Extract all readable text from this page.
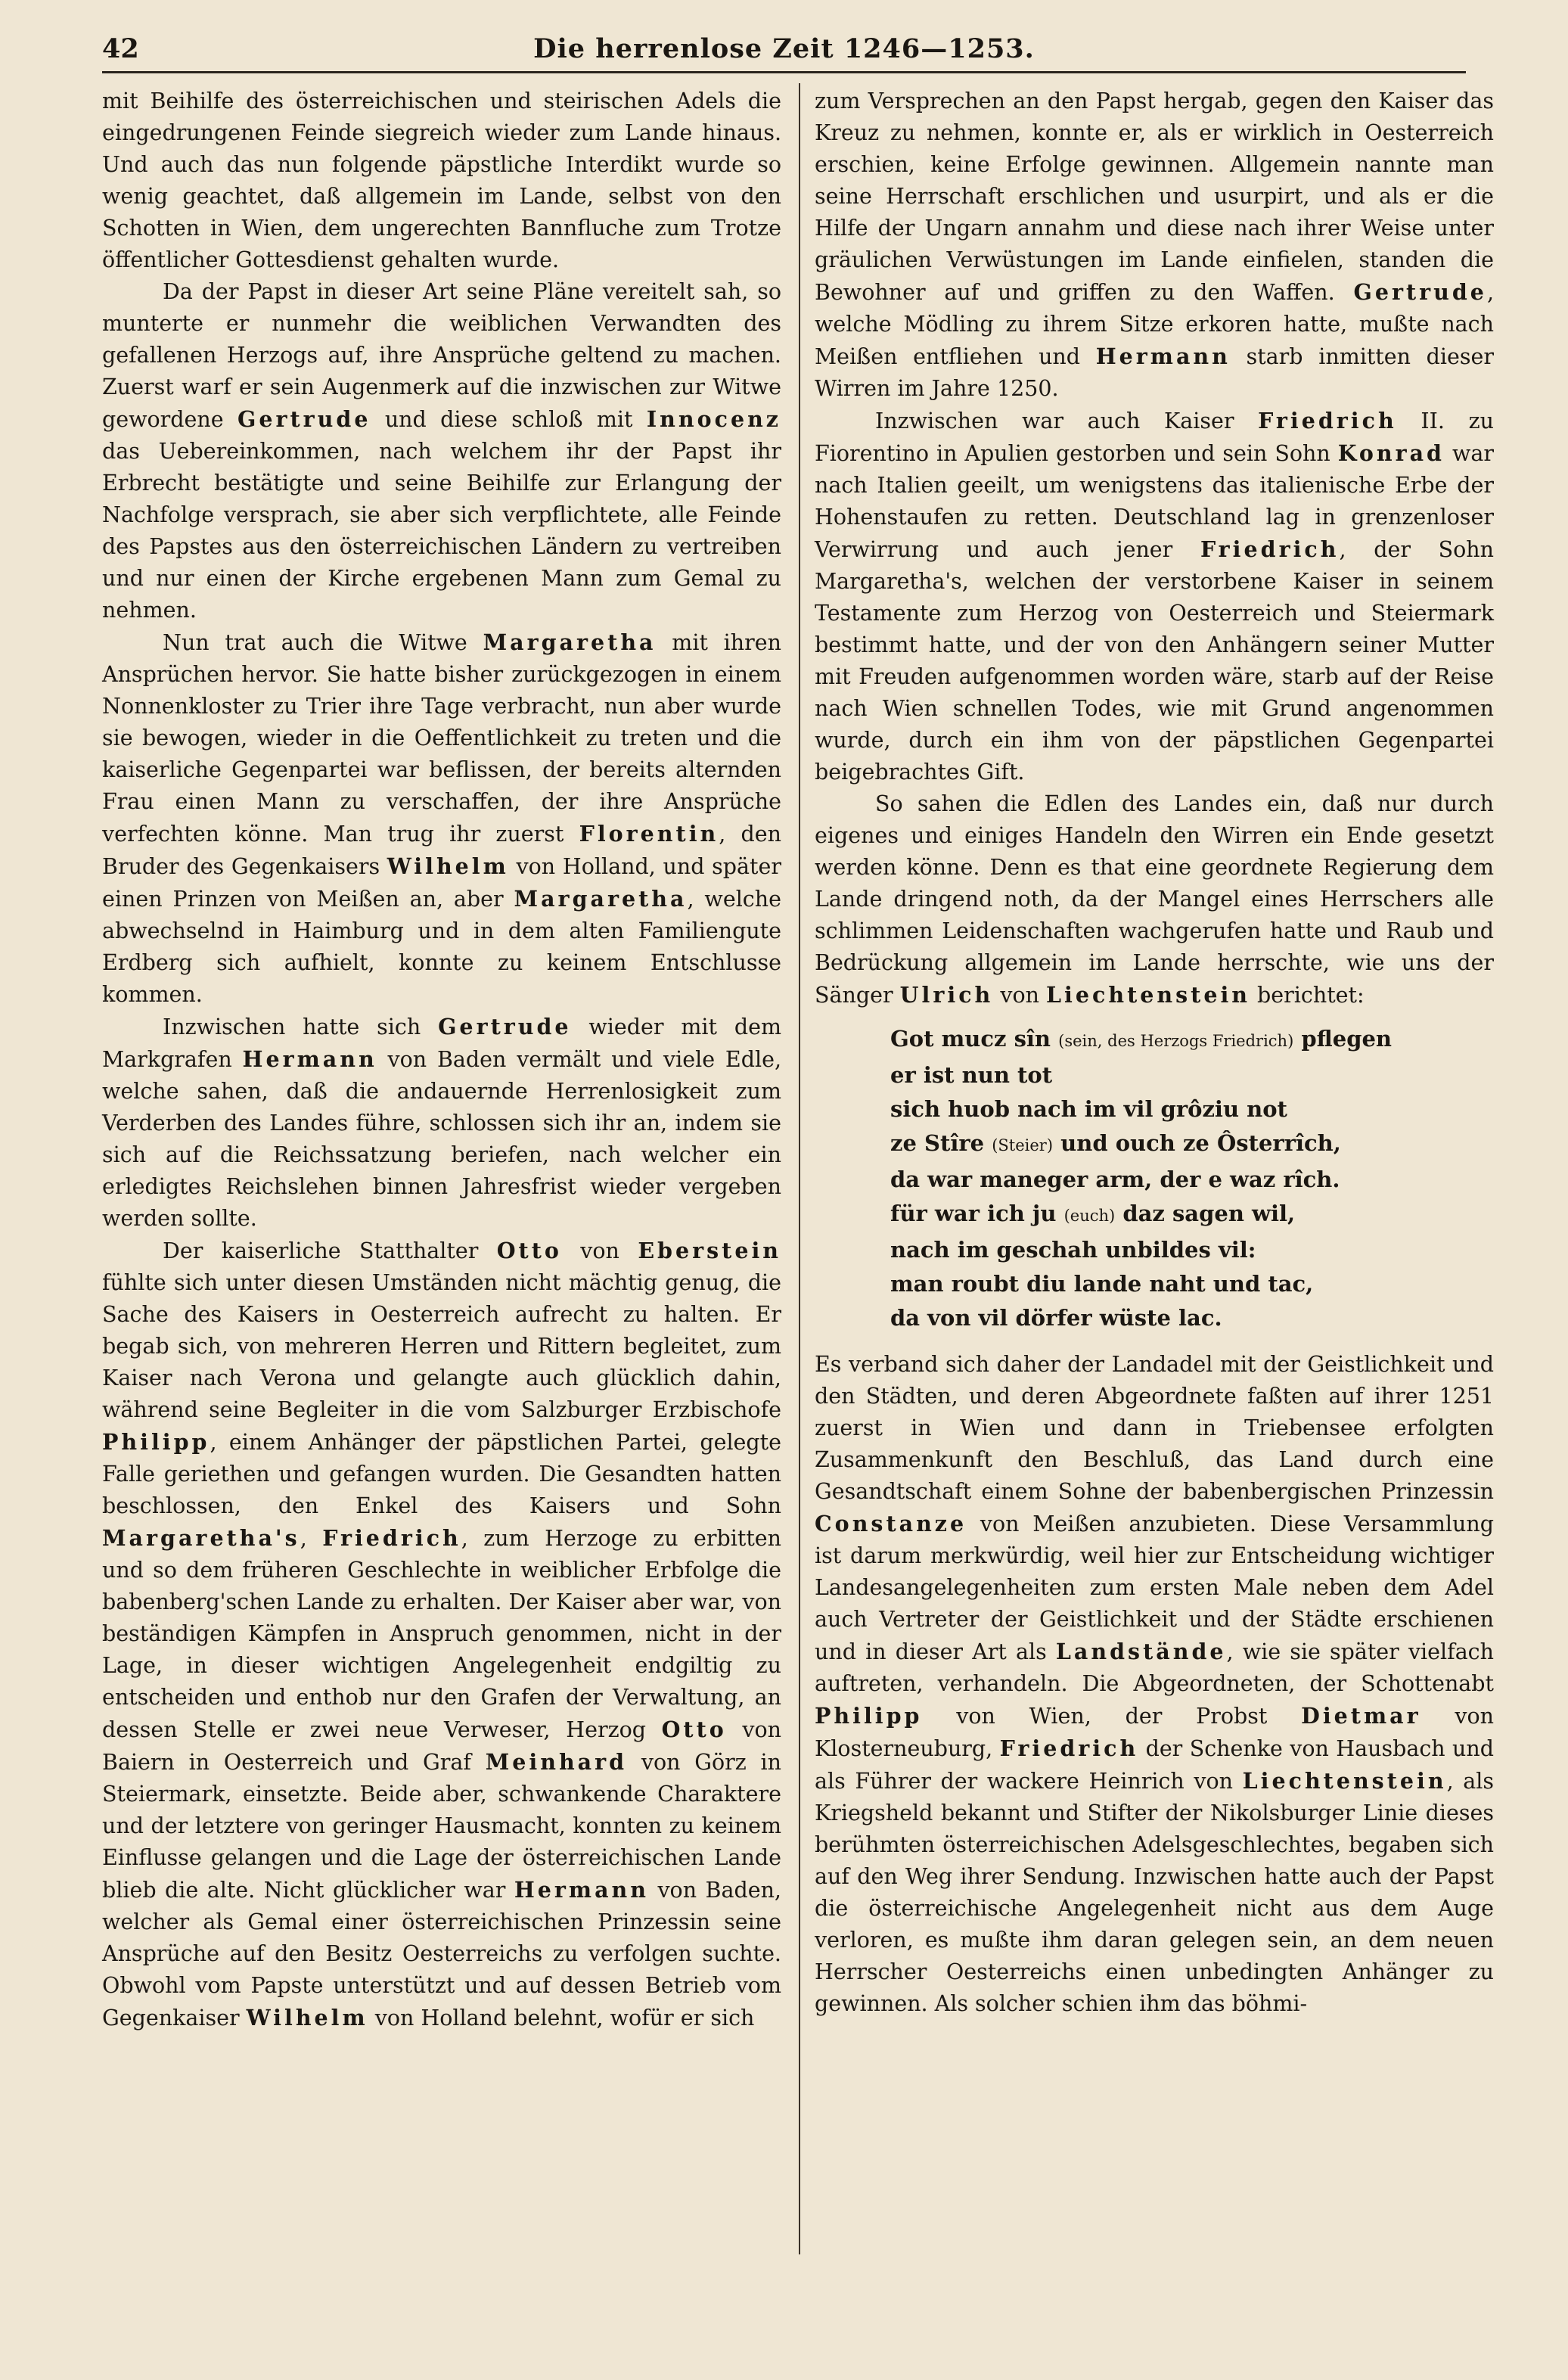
42	Die herrenlose Zeit 1246—1253.

mit Beihilfe des österreichischen und steirischen Adels die eingedrungenen Feinde siegreich wieder zum Lande hinaus. Und auch das nun folgende päpstliche Interdikt wurde so wenig geachtet, daß allgemein im Lande, selbst von den Schotten in Wien, dem ungerechten Bannfluche zum Trotze öffentlicher Gottesdienst gehalten wurde.

Da der Papst in dieser Art seine Pläne vereitelt sah, so munterte er nunmehr die weiblichen Verwandten des gefallenen Herzogs auf, ihre Ansprüche geltend zu machen. Zuerst warf er sein Augenmerk auf die inzwischen zur Witwe gewordene Gertrude und diese schloß mit Innocenz das Uebereinkommen, nach welchem ihr der Papst ihr Erbrecht bestätigte und seine Beihilfe zur Erlangung der Nachfolge versprach, sie aber sich verpflichtete, alle Feinde des Papstes aus den österreichischen Ländern zu vertreiben und nur einen der Kirche ergebenen Mann zum Gemal zu nehmen.

Nun trat auch die Witwe Margaretha mit ihren Ansprüchen hervor. Sie hatte bisher zurückgezogen in einem Nonnenkloster zu Trier ihre Tage verbracht, nun aber wurde sie bewogen, wieder in die Oeffentlichkeit zu treten und die kaiserliche Gegenpartei war beflissen, der bereits alternden Frau einen Mann zu verschaffen, der ihre Ansprüche verfechten könne. Man trug ihr zuerst Florentin, den Bruder des Gegenkaisers Wilhelm von Holland, und später einen Prinzen von Meißen an, aber Margaretha, welche abwechselnd in Haimburg und in dem alten Familiengute Erdberg sich aufhielt, konnte zu keinem Entschlusse kommen.

Inzwischen hatte sich Gertrude wieder mit dem Markgrafen Hermann von Baden vermält und viele Edle, welche sahen, daß die andauernde Herrenlosigkeit zum Verderben des Landes führe, schlossen sich ihr an, indem sie sich auf die Reichssatzung beriefen, nach welcher ein erledigtes Reichslehen binnen Jahresfrist wieder vergeben werden sollte.

Der kaiserliche Statthalter Otto von Eberstein fühlte sich unter diesen Umständen nicht mächtig genug, die Sache des Kaisers in Oesterreich aufrecht zu halten. Er begab sich, von mehreren Herren und Rittern begleitet, zum Kaiser nach Verona und gelangte auch glücklich dahin, während seine Begleiter in die vom Salzburger Erzbischofe Philipp, einem Anhänger der päpstlichen Partei, gelegte Falle geriethen und gefangen wurden. Die Gesandten hatten beschlossen, den Enkel des Kaisers und Sohn Margaretha's, Friedrich, zum Herzoge zu erbitten und so dem früheren Geschlechte in weiblicher Erbfolge die babenberg'schen Lande zu erhalten. Der Kaiser aber war, von beständigen Kämpfen in Anspruch genommen, nicht in der Lage, in dieser wichtigen Angelegenheit endgiltig zu entscheiden und enthob nur den Grafen der Verwaltung, an dessen Stelle er zwei neue Verweser, Herzog Otto von Baiern in Oesterreich und Graf Meinhard von Görz in Steiermark, einsetzte. Beide aber, schwankende Charaktere und der letztere von geringer Hausmacht, konnten zu keinem Einflusse gelangen und die Lage der österreichischen Lande blieb die alte. Nicht glücklicher war Hermann von Baden, welcher als Gemal einer österreichischen Prinzessin seine Ansprüche auf den Besitz Oesterreichs zu verfolgen suchte. Obwohl vom Papste unterstützt und auf dessen Betrieb vom Gegenkaiser Wilhelm von Holland belehnt, wofür er sich

zum Versprechen an den Papst hergab, gegen den Kaiser das Kreuz zu nehmen, konnte er, als er wirklich in Oesterreich erschien, keine Erfolge gewinnen. Allgemein nannte man seine Herrschaft erschlichen und usurpirt, und als er die Hilfe der Ungarn annahm und diese nach ihrer Weise unter gräulichen Verwüstungen im Lande einfielen, standen die Bewohner auf und griffen zu den Waffen. Gertrude, welche Mödling zu ihrem Sitze erkoren hatte, mußte nach Meißen entfliehen und Hermann starb inmitten dieser Wirren im Jahre 1250.

Inzwischen war auch Kaiser Friedrich II. zu Fiorentino in Apulien gestorben und sein Sohn Konrad war nach Italien geeilt, um wenigstens das italienische Erbe der Hohenstaufen zu retten. Deutschland lag in grenzenloser Verwirrung und auch jener Friedrich, der Sohn Margaretha's, welchen der verstorbene Kaiser in seinem Testamente zum Herzog von Oesterreich und Steiermark bestimmt hatte, und der von den Anhängern seiner Mutter mit Freuden aufgenommen worden wäre, starb auf der Reise nach Wien schnellen Todes, wie mit Grund angenommen wurde, durch ein ihm von der päpstlichen Gegenpartei beigebrachtes Gift.

So sahen die Edlen des Landes ein, daß nur durch eigenes und einiges Handeln den Wirren ein Ende gesetzt werden könne. Denn es that eine geordnete Regierung dem Lande dringend noth, da der Mangel eines Herrschers alle schlimmen Leidenschaften wachgerufen hatte und Raub und Bedrückung allgemein im Lande herrschte, wie uns der Sänger Ulrich von Liechtenstein berichtet:

Got mucz sîn (sein, des Herzogs Friedrich) pflegen
er ist nun tot
sich huob nach im vil grôziu not
ze Stîre (Steier) und ouch ze Ôsterrîch,
da war maneger arm, der e waz rîch.
für war ich ju (euch) daz sagen wil,
nach im geschah unbildes vil:
man roubt diu lande naht und tac,
da von vil dörfer wüste lac.

Es verband sich daher der Landadel mit der Geistlichkeit und den Städten, und deren Abgeordnete faßten auf ihrer 1251 zuerst in Wien und dann in Triebensee erfolgten Zusammenkunft den Beschluß, das Land durch eine Gesandtschaft einem Sohne der babenbergischen Prinzessin Constanze von Meißen anzubieten. Diese Versammlung ist darum merkwürdig, weil hier zur Entscheidung wichtiger Landesangelegenheiten zum ersten Male neben dem Adel auch Vertreter der Geistlichkeit und der Städte erschienen und in dieser Art als Landstände, wie sie später vielfach auftreten, verhandeln. Die Abgeordneten, der Schottenabt Philipp von Wien, der Probst Dietmar von Klosterneuburg, Friedrich der Schenke von Hausbach und als Führer der wackere Heinrich von Liechtenstein, als Kriegsheld bekannt und Stifter der Nikolsburger Linie dieses berühmten österreichischen Adelsgeschlechtes, begaben sich auf den Weg ihrer Sendung. Inzwischen hatte auch der Papst die österreichische Angelegenheit nicht aus dem Auge verloren, es mußte ihm daran gelegen sein, an dem neuen Herrscher Oesterreichs einen unbedingten Anhänger zu gewinnen. Als solcher schien ihm das böhmi-
